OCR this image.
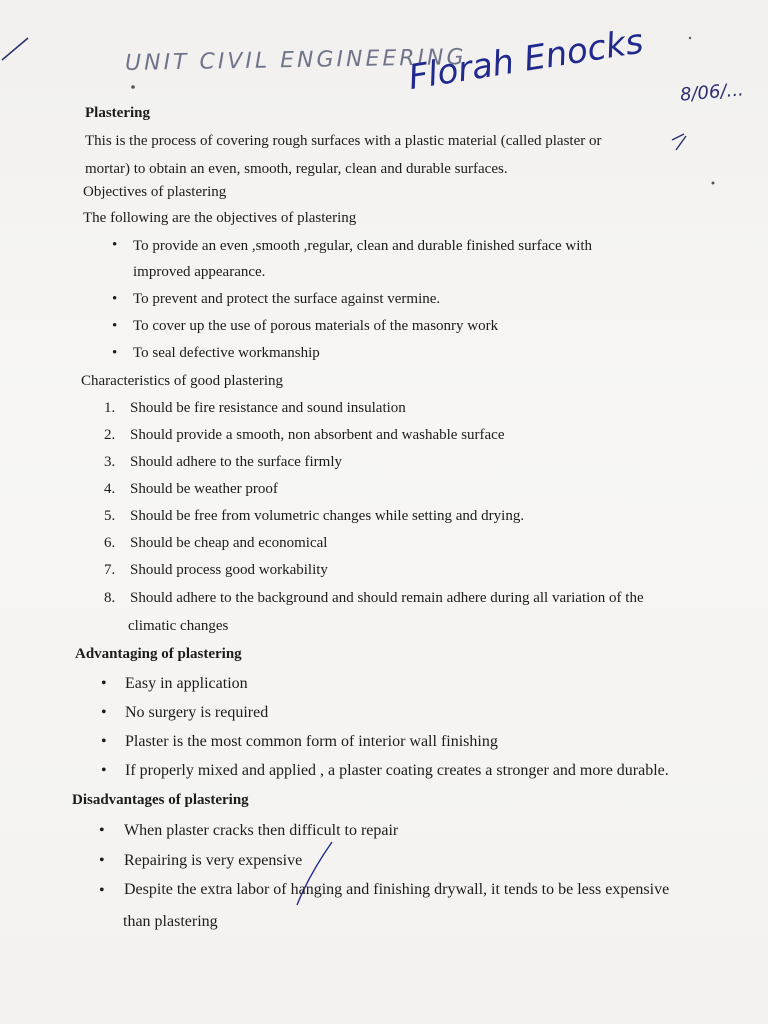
UNIT CIVIL ENGINEERING
Florah Enocks 8/06/...
Plastering
This is the process of covering rough surfaces with a plastic material (called plaster or
mortar) to obtain an even, smooth, regular, clean and durable surfaces.
Objectives of plastering
The following are the objectives of plastering
• To provide an even ,smooth ,regular, clean and durable finished surface with
improved appearance.
• To prevent and protect the surface against vermine.
• To cover up the use of porous materials of the masonry work
• To seal defective workmanship
Characteristics of good plastering
1. Should be fire resistance and sound insulation
2. Should provide a smooth, non absorbent and washable surface
3. Should adhere to the surface firmly
4. Should be weather proof
5. Should be free from volumetric changes while setting and drying.
6. Should be cheap and economical
7. Should process good workability
8. Should adhere to the background and should remain adhere during all variation of the
climatic changes
Advantaging of plastering
• Easy in application
• No surgery is required
• Plaster is the most common form of interior wall finishing
• If properly mixed and applied , a plaster coating creates a stronger and more durable.
Disadvantages of plastering
• When plaster cracks then difficult to repair
• Repairing is very expensive
• Despite the extra labor of hanging and finishing drywall, it tends to be less expensive
than plastering
